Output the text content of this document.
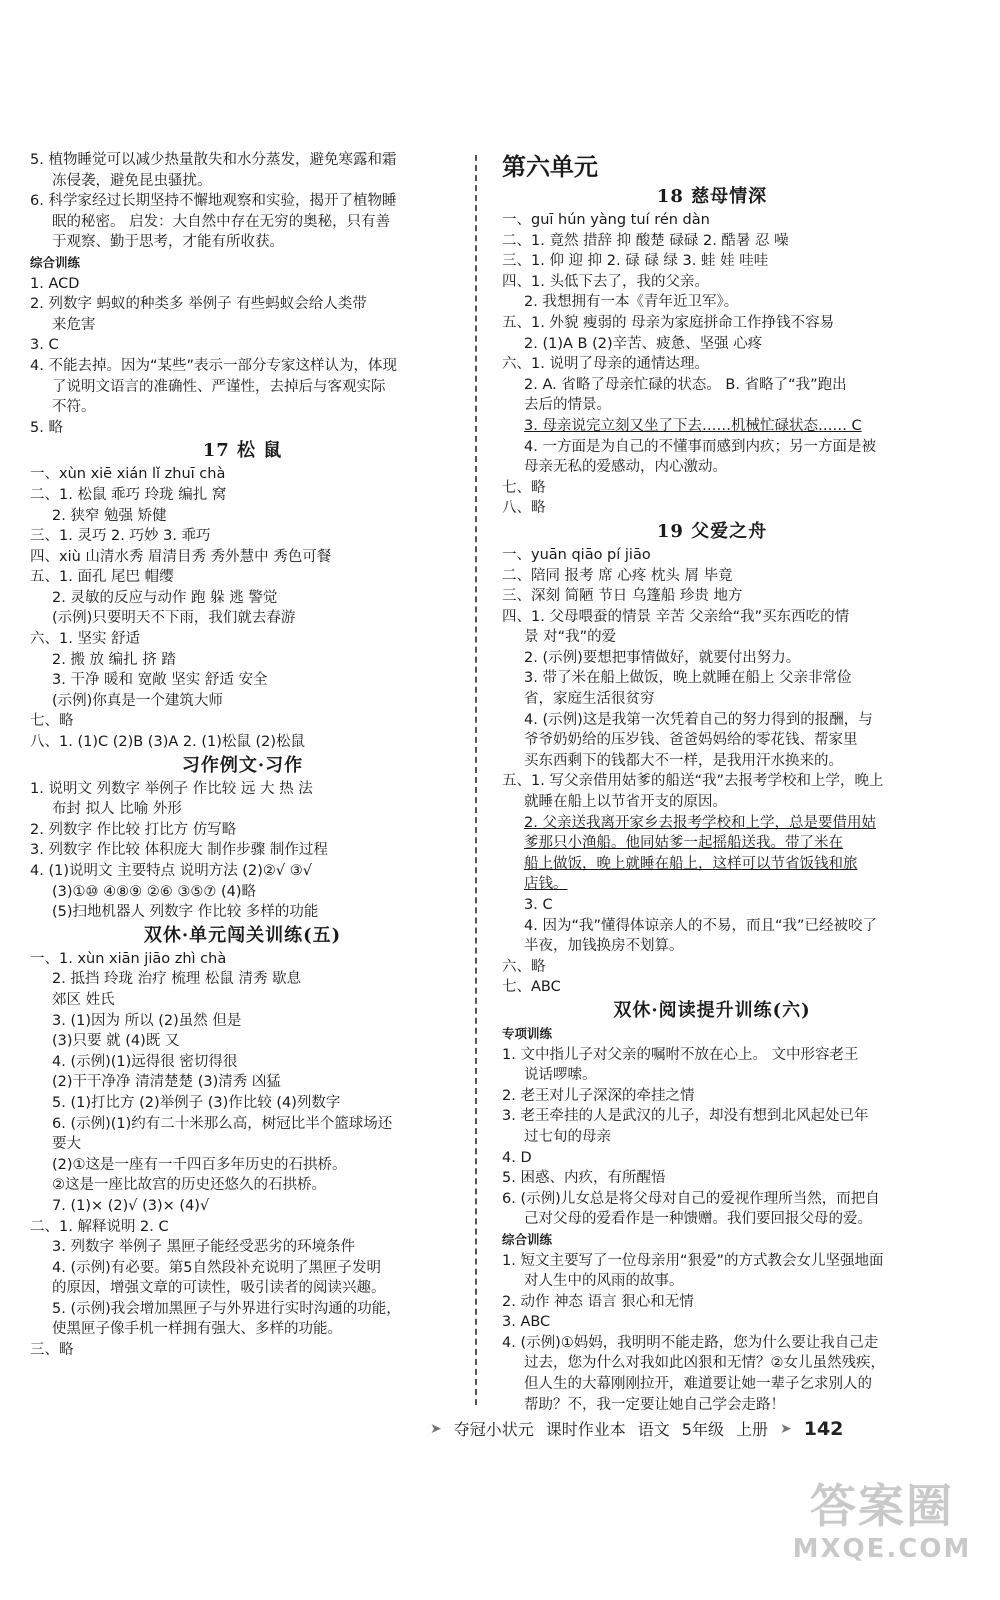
5. 植物睡觉可以减少热量散失和水分蒸发，避免寒露和霜
冻侵袭，避免昆虫骚扰。
6. 科学家经过长期坚持不懈地观察和实验，揭开了植物睡
眠的秘密。 启发：大自然中存在无穷的奥秘，只有善
于观察、勤于思考，才能有所收获。
综合训练
1. ACD
2. 列数字 蚂蚁的种类多 举例子 有些蚂蚁会给人类带
来危害
3. C
4. 不能去掉。因为“某些”表示一部分专家这样认为，体现
了说明文语言的准确性、严谨性，去掉后与客观实际
不符。
5. 略
17 松 鼠
一、xùn xiē xián lǐ zhuī chà
二、1. 松鼠 乖巧 玲珑 编扎 窝
2. 狭窄 勉强 矫健
三、1. 灵巧 2. 巧妙 3. 乖巧
四、xiù 山清水秀 眉清目秀 秀外慧中 秀色可餐
五、1. 面孔 尾巴 帽缨
2. 灵敏的反应与动作 跑 躲 逃 警觉
(示例)只要明天不下雨，我们就去春游
六、1. 坚实 舒适
2. 搬 放 编扎 挤 踏
3. 干净 暖和 宽敞 坚实 舒适 安全
(示例)你真是一个建筑大师
七、略
八、1. (1)C (2)B (3)A 2. (1)松鼠 (2)松鼠
习作例文·习作
1. 说明文 列数字 举例子 作比较 远 大 热 法
布封 拟人 比喻 外形
2. 列数字 作比较 打比方 仿写略
3. 列数字 作比较 体积庞大 制作步骤 制作过程
4. (1)说明文 主要特点 说明方法 (2)②√ ③√
(3)①⑩ ④⑧⑨ ②⑥ ③⑤⑦ (4)略
(5)扫地机器人 列数字 作比较 多样的功能
双休·单元闯关训练(五)
一、1. xùn xiān jiāo zhì chà
2. 抵挡 玲珑 治疗 梳理 松鼠 清秀 歇息
郊区 姓氏
3. (1)因为 所以 (2)虽然 但是
(3)只要 就 (4)既 又
4. (示例)(1)远得很 密切得很
(2)干干净净 清清楚楚 (3)清秀 凶猛
5. (1)打比方 (2)举例子 (3)作比较 (4)列数字
6. (示例)(1)约有二十米那么高，树冠比半个篮球场还
要大
(2)①这是一座有一千四百多年历史的石拱桥。
②这是一座比故宫的历史还悠久的石拱桥。
7. (1)× (2)√ (3)× (4)√
二、1. 解释说明 2. C
3. 列数字 举例子 黑匣子能经受恶劣的环境条件
4. (示例)有必要。第5自然段补充说明了黑匣子发明
的原因，增强文章的可读性，吸引读者的阅读兴趣。
5. (示例)我会增加黑匣子与外界进行实时沟通的功能，
使黑匣子像手机一样拥有强大、多样的功能。
三、略
第六单元
18 慈母情深
一、guī hún yàng tuí rén dàn
二、1. 竟然 措辞 抑 酸楚 碌碌 2. 酷暑 忍 噪
三、1. 仰 迎 抑 2. 碌 碌 绿 3. 蛙 娃 哇哇
四、1. 头低下去了，我的父亲。
2. 我想拥有一本《青年近卫军》。
五、1. 外貌 瘦弱的 母亲为家庭拼命工作挣钱不容易
2. (1)A B (2)辛苦、疲惫、坚强 心疼
六、1. 说明了母亲的通情达理。
2. A. 省略了母亲忙碌的状态。 B. 省略了“我”跑出
去后的情景。
3. 母亲说完立刻又坐了下去……机械忙碌状态…… C
4. 一方面是为自己的不懂事而感到内疚；另一方面是被
母亲无私的爱感动，内心激动。
七、略
八、略
19 父爱之舟
一、yuān qiāo pí jiāo
二、陪同 报考 席 心疼 枕头 屑 毕竟
三、深刻 简陋 节日 乌篷船 珍贵 地方
四、1. 父母喂蚕的情景 辛苦 父亲给“我”买东西吃的情
景 对“我”的爱
2. (示例)要想把事情做好，就要付出努力。
3. 带了米在船上做饭，晚上就睡在船上 父亲非常俭
省，家庭生活很贫穷
4. (示例)这是我第一次凭着自己的努力得到的报酬，与
爷爷奶奶给的压岁钱、爸爸妈妈给的零花钱、帮家里
买东西剩下的钱都大不一样，是我用汗水换来的。
五、1. 写父亲借用姑爹的船送“我”去报考学校和上学，晚上
就睡在船上以节省开支的原因。
2. 父亲送我离开家乡去报考学校和上学，总是要借用姑
爹那只小渔船。他同姑爹一起摇船送我。带了米在
船上做饭，晚上就睡在船上，这样可以节省饭钱和旅
店钱。
3. C
4. 因为“我”懂得体谅亲人的不易，而且“我”已经被咬了
半夜，加钱换房不划算。
六、略
七、ABC
双休·阅读提升训练(六)
专项训练
1. 文中指儿子对父亲的嘱咐不放在心上。 文中形容老王
说话啰嗦。
2. 老王对儿子深深的牵挂之情
3. 老王牵挂的人是武汉的儿子，却没有想到北风起处已年
过七旬的母亲
4. D
5. 困惑、内疚，有所醒悟
6. (示例)儿女总是将父母对自己的爱视作理所当然，而把自
己对父母的爱看作是一种馈赠。我们要回报父母的爱。
综合训练
1. 短文主要写了一位母亲用“狠爱”的方式教会女儿坚强地面
对人生中的风雨的故事。
2. 动作 神态 语言 狠心和无情
3. ABC
4. (示例)①妈妈，我明明不能走路，您为什么要让我自己走
过去，您为什么对我如此凶狠和无情？②女儿虽然残疾，
但人生的大幕刚刚拉开，难道要让她一辈子乞求别人的
帮助？不，我一定要让她自己学会走路！
➤ 夺冠小状元 课时作业本 语文 5年级 上册 ➤ 142
答案圈
MXQE.COM
